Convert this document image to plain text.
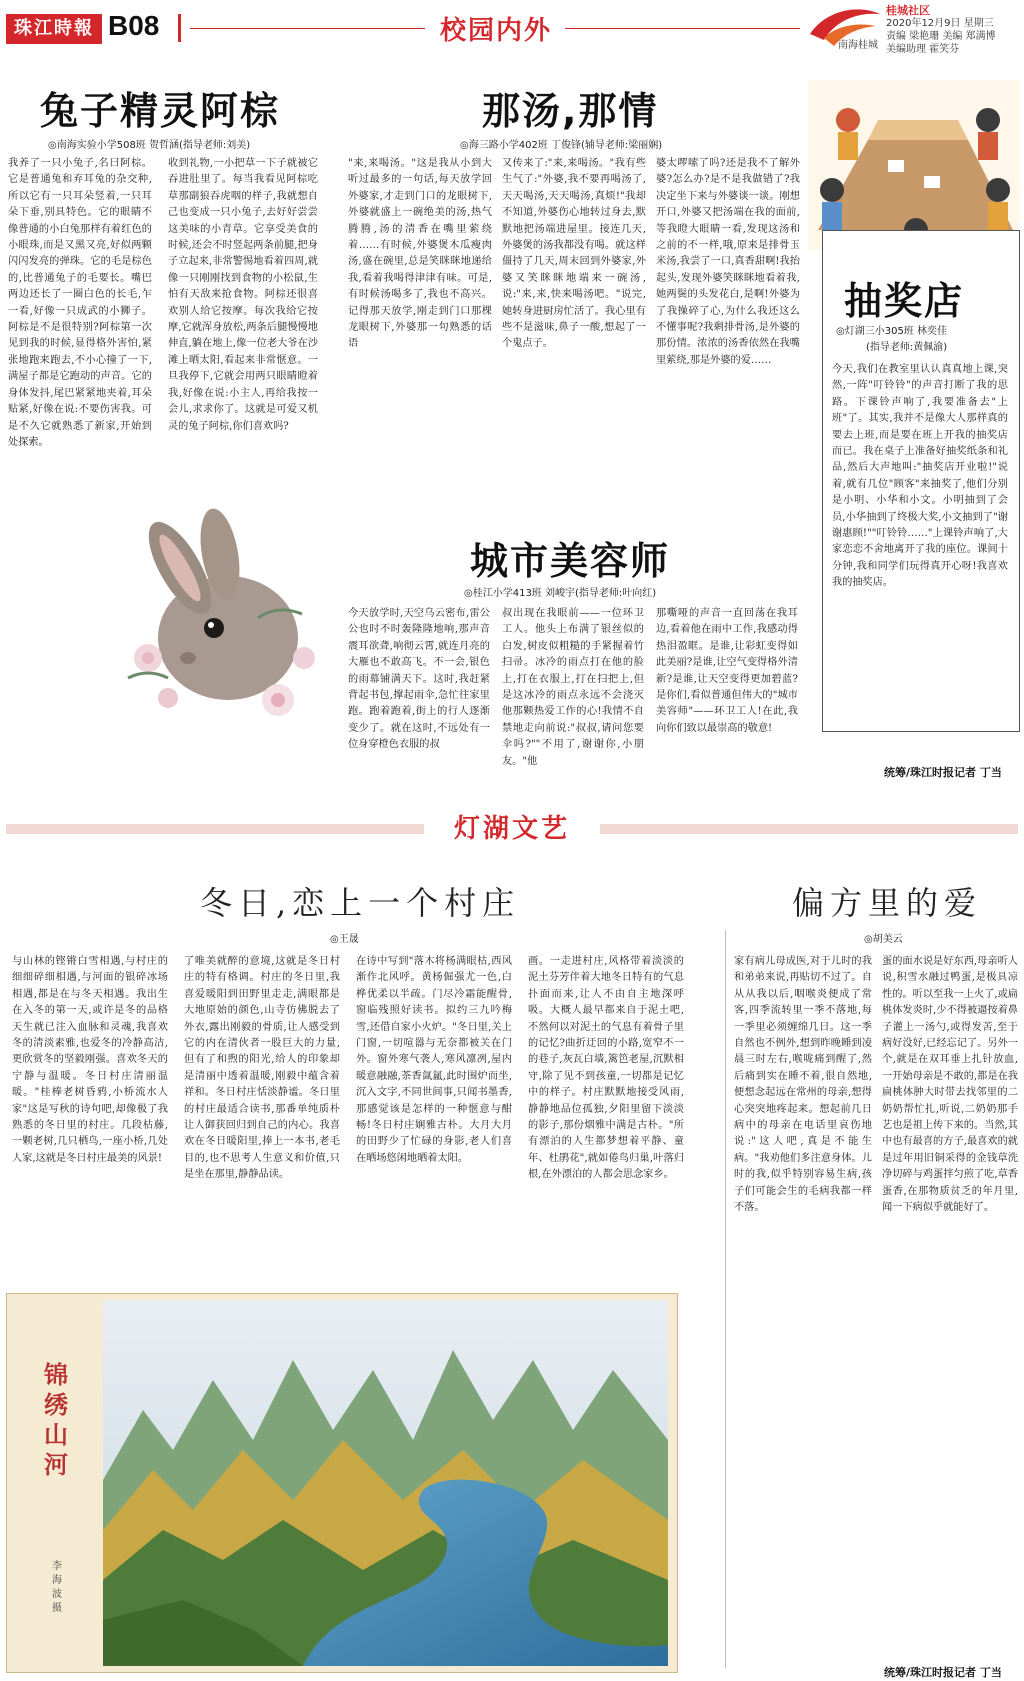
珠江時報 B08	校园内外	南海桂城
桂城社区
2020年12月9日 星期三
责编 梁艳珊 美编 郑满博
美编助理 霍笑芬
兔子精灵阿棕
◎南海实验小学508班 贺哲涵(指导老师:刘美)
我养了一只小兔子,名曰阿棕。它是普通兔和弃耳兔的杂交种,所以它有一只耳朵竖着,一只耳朵下垂,别具特色。它的眼睛不像普通的小白兔那样有着红色的小眼珠,而是又黑又亮,好似两颗闪闪发亮的弹珠。它的毛是棕色的,比普通兔子的毛要长。嘴巴两边还长了一圈白色的长毛,乍一看,好像一只成武的小狮子。阿棕是不是很特别?阿棕第一次见到我的时候,显得格外害怕,紧张地跑来跑去,不小心撞了一下,满屋子都是它跑动的声音。它的身体发抖,尾巴紧紧地夹着,耳朵贴紧,好像在说:不要伤害我。可是不久它就熟悉了新家,开始到处探索。
收到礼物,一小把草一下子就被它吞进肚里了。每当我看见阿棕吃草那副狼吞虎咽的样子,我就想自己也变成一只小兔子,去好好尝尝这美味的小青草。它享受美食的时候,还会不时竖起两条前腿,把身子立起来,非常警惕地看着四周,就像一只刚刚找到食物的小松鼠,生怕有天敌来抢食物。阿棕还很喜欢别人给它按摩。每次我给它按摩,它就浑身放松,两条后腿慢慢地伸直,躺在地上,像一位老大爷在沙滩上晒太阳,看起来非常惬意。一旦我停下,它就会用两只眼睛瞪着我,好像在说:小主人,再给我按一会儿,求求你了。这就是可爱又机灵的兔子阿棕,你们喜欢吗?
那汤,那情
◎海三路小学402班 丁俊锋(辅导老师:梁丽娴)
"来,来喝汤。"这是我从小到大听过最多的一句话,每天放学回外婆家,才走到门口的龙眼树下,外婆就盛上一碗绝美的汤,热气腾腾,汤的清香在嘴里萦绕着……有时候,外婆煲木瓜瘦肉汤,盛在碗里,总是笑眯眯地递给我,看着我喝得津津有味。可是,有时候汤喝多了,我也不高兴。记得那天放学,刚走到门口那棵龙眼树下,外婆那一句熟悉的话语
又传来了:"来,来喝汤。"我有些生气了:"外婆,我不要再喝汤了,天天喝汤,天天喝汤,真烦!"我却不知道,外婆伤心地转过身去,默默地把汤端进屋里。接连几天,外婆煲的汤我都没有喝。就这样僵持了几天,周末回到外婆家,外婆又笑眯眯地端来一碗汤,说:"来,来,快来喝汤吧。"说完,她转身进厨房忙活了。我心里有些不是滋味,鼻子一酸,想起了一个鬼点子。
婆太啰嗦了吗?还是我不了解外婆?怎么办?是不是我做错了?我决定坐下来与外婆谈一谈。刚想开口,外婆又把汤端在我的面前,等我瞪大眼睛一看,发现这汤和之前的不一样,哦,原来是排骨玉米汤,我尝了一口,真香甜啊!我抬起头,发现外婆笑眯眯地看着我,她两鬓的头发花白,是啊!外婆为了我操碎了心,为什么我还这么不懂事呢?我剩排骨汤,是外婆的那份情。浓浓的汤香依然在我嘴里萦绕,那是外婆的爱……
城市美容师
◎桂江小学413班 刘峻宇(指导老师:叶向红)
今天放学时,天空乌云密布,雷公公也时不时轰隆隆地响,那声音震耳欲聋,响彻云霄,就连月亮的大雁也不敢高飞。不一会,银色的雨幕铺满天下。这时,我赶紧背起书包,撑起雨伞,急忙往家里跑。跑着跑着,街上的行人逐渐变少了。就在这时,不远处有一位身穿橙色衣服的叔
叔出现在我眼前——一位环卫工人。他头上布满了银丝似的白发,树皮似粗糙的手紧握着竹扫帚。冰冷的雨点打在他的脸上,打在衣服上,打在扫把上,但是这冰冷的雨点永远不会浇灭他那颗热爱工作的心!我情不自禁地走向前说:"叔叔,请问您要伞吗?""不用了,谢谢你,小朋友。"他
那嘶哑的声音一直回荡在我耳边,看着他在雨中工作,我感动得热泪盈眶。是谁,让彩虹变得如此美丽?是谁,让空气变得格外清新?是谁,让天空变得更加碧蓝?是你们,看似普通但伟大的"城市美容师"——环卫工人!在此,我向你们致以最崇高的敬意!
抽奖店
◎灯湖三小305班 林奕佳
(指导老师:黄佩渝)
今天,我们在教室里认认真真地上课,突然,一阵"叮铃铃"的声音打断了我的思路。下课铃声响了,我要准备去"上班"了。其实,我并不是像大人那样真的要去上班,而是要在班上开我的抽奖店而已。我在桌子上准备好抽奖纸条和礼品,然后大声地叫:"抽奖店开业啦!"说着,就有几位"顾客"来抽奖了,他们分别是小明、小华和小文。小明抽到了会员,小华抽到了终极大奖,小文抽到了"谢谢惠顾!""叮铃铃……"上课铃声响了,大家恋恋不舍地离开了我的座位。课间十分钟,我和同学们玩得真开心呀!我喜欢我的抽奖店。
统筹/珠江时报记者 丁当
灯湖文艺
冬日,恋上一个村庄
◎王晟
与山林的铿锵白雪相遇,与村庄的细细碎细相遇,与河面的银碎冰场相遇,都是在与冬天相遇。我出生在入冬的第一天,或许是冬的品格天生就已注入血脉和灵魂,我喜欢冬的清淡素雅,也爱冬的冷静高洁,更欣赏冬的坚毅刚强。喜欢冬天的宁静与温暖。冬日村庄清丽温暖。"桂棒老树昏鸦,小桥流水人家"这是写秋的诗句吧,却像极了我熟悉的冬日里的村庄。几段枯藤,一颗老树,几只栖鸟,一座小桥,几处人家,这就是冬日村庄最美的风景!
了唯美就醉的意境,这就是冬日村庄的特有格调。村庄的冬日里,我喜爱暖阳到田野里走走,满眼都是大地原始的颜色,山寺仿佛脱去了外衣,露出刚毅的骨质,让人感受到它的内在清伙者一股巨大的力量,但有了和煦的阳光,给人的印象却是清丽中透着温暖,刚毅中蕴含着祥和。冬日村庄恬淡静谧。冬日里的村庄最适合读书,那番单纯质朴让人御获回归到自己的内心。我喜欢在冬日暖阳里,捧上一本书,老毛目的,也不思考人生意义和价值,只是坐在那里,静静品读。
在诗中写到"落木将杨满眼枯,西风渐作北风呼。黄杨倔强尤一色,白桦优柔以半疏。门尽冷霜能醒骨,窗临残照好读书。拟约三九吟梅雪,还借自家小火炉。"冬日里,关上门窗,一切喧嚣与无奈都被关在门外。窗外寒气袭人,寒风凛冽,屋内暖意融融,茶香氤氲,此时围炉而坐,沉入文字,不同世间事,只闻书墨香,那感觉该是怎样的一种惬意与酣畅!冬日村庄娴雅古朴。大月大月的田野少了忙碌的身影,老人们喜在晒场悠闲地晒着太阳。
画。一走进村庄,风格带着淡淡的泥土芬芳伴着大地冬日特有的气息扑面而来,让人不由自主地深呼吸。大概人最早都来自于泥土吧,不然何以对泥土的气息有着骨子里的记忆?曲折迂回的小路,宽窄不一的巷子,灰瓦白墙,篱笆老屋,沉默相守,除了见不到孩童,一切都是记忆中的样子。村庄默默地接受风雨,静静地品位孤独,夕阳里留下淡淡的影子,那份烟雅中满是古朴。"所有漂泊的人生都梦想着平静、童年、杜鹃花",就如倦鸟归巢,叶落归根,在外漂泊的人都会思念家乡。
锦绣山河
李海波 摄
偏方里的爱
◎胡美云
家有病儿母成医,对于儿时的我和弟弟来说,再贴切不过了。自从从我以后,咽喉炎便成了常客,四季流转里一季不落地,每一季里必须缠绵几日。这一季自然也不例外,想到昨晚睡到凌晨三时左右,喉咙痛到醒了,然后痛到实在睡不着,很自然地,便想念起远在常州的母亲,想得心突突地疼起来。想起前几日病中的母亲在电话里哀伤地说:"这人吧,真是不能生病。"我劝他们多注意身体。儿时的我,似乎特别容易生病,孩子们可能会生的毛病我都一样不落。
蛋的面水说是好东西,母亲听人说,积雪水融过鸭蛋,是极具凉性的。听以至我一上火了,或扁桃体发炎时,少不得被逼按着鼻子灌上一汤勺,或得发苦,至于病好没好,已经忘记了。另外一个,就是在双耳垂上扎针放血,一开始母亲是不敢的,都是在我扁桃体肿大时带去找邻里的二奶奶帮忙扎,听说,二奶奶那手艺也是祖上传下来的。当然,其中也有最喜的方子,最喜欢的就是过年用旧铜采得的金钱草洗净切碎与鸡蛋拌匀煎了吃,草香蛋香,在那物质贫乏的年月里,闻一下病似乎就能好了。
统筹/珠江时报记者 丁当
